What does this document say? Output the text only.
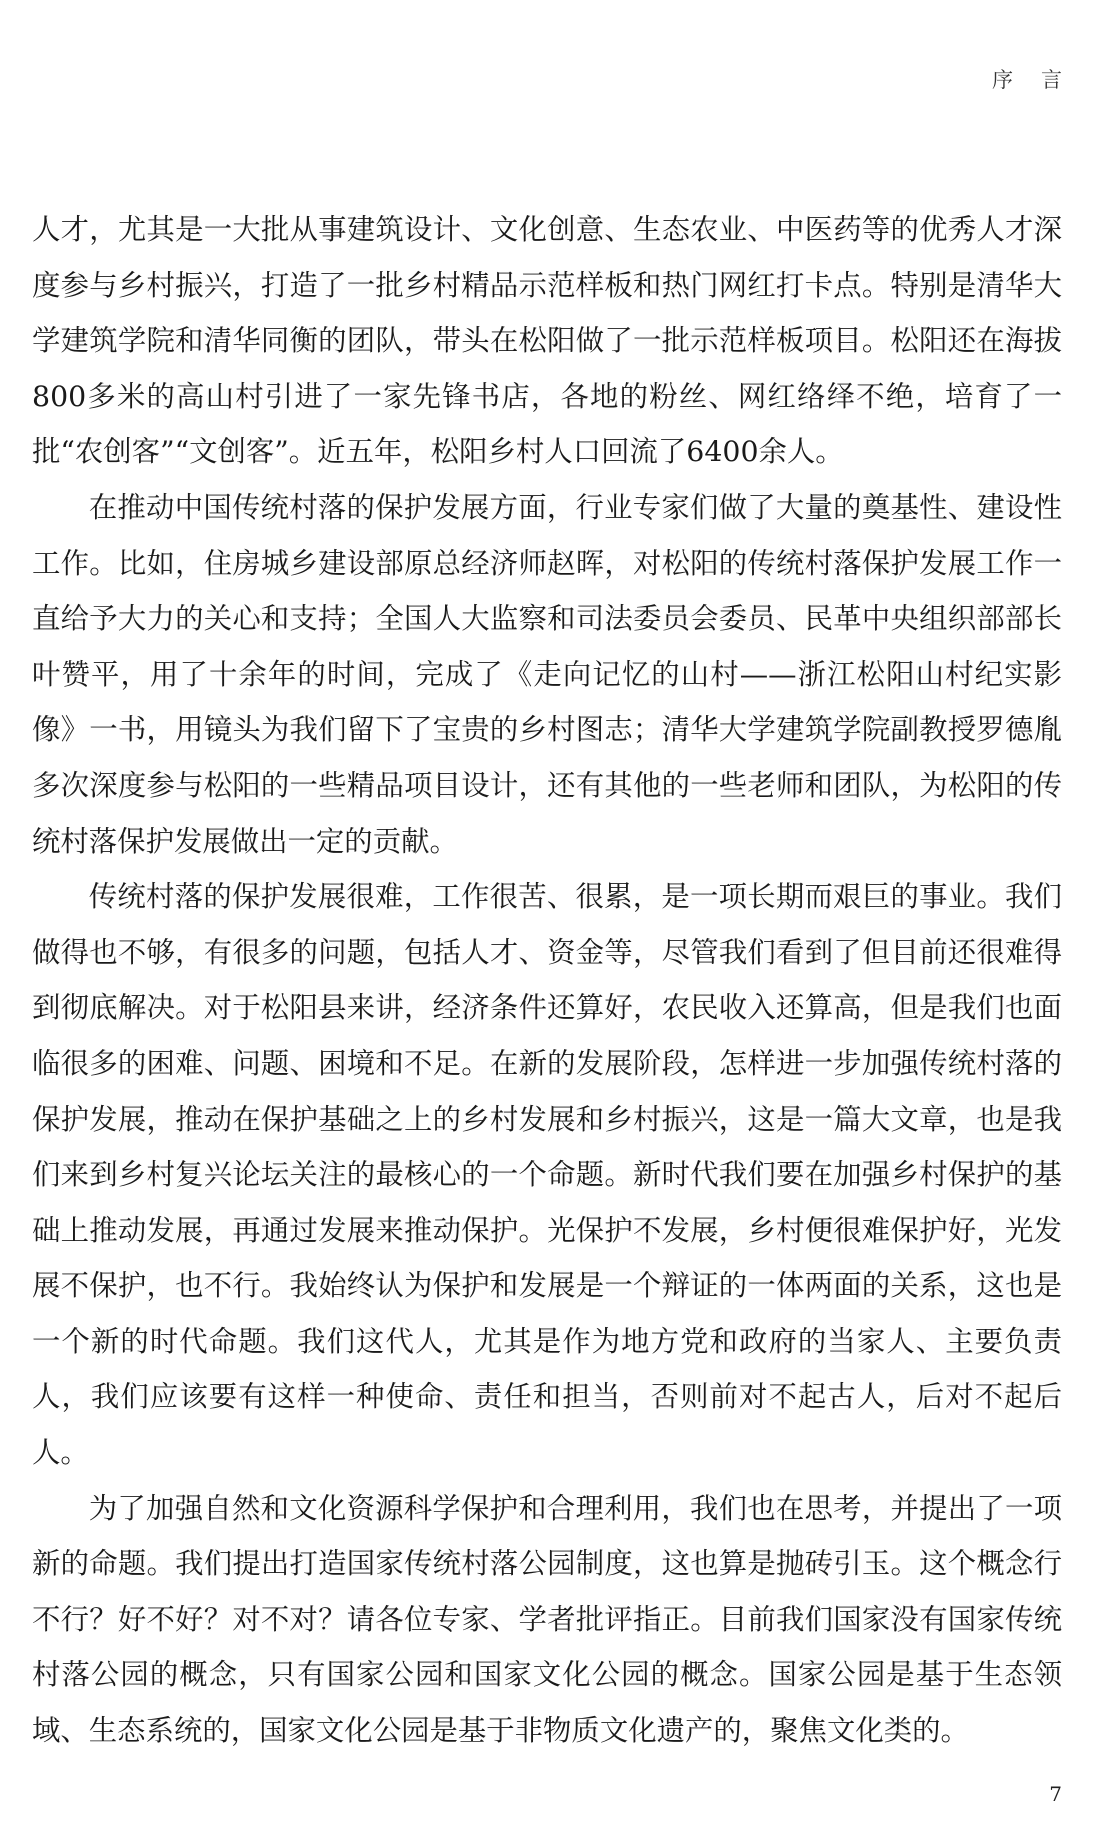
序言

人才，尤其是一大批从事建筑设计、文化创意、生态农业、中医药等的优秀人才深度参与乡村振兴，打造了一批乡村精品示范样板和热门网红打卡点。特别是清华大学建筑学院和清华同衡的团队，带头在松阳做了一批示范样板项目。松阳还在海拔800多米的高山村引进了一家先锋书店，各地的粉丝、网红络绎不绝，培育了一批“农创客”“文创客”。近五年，松阳乡村人口回流了6400余人。

在推动中国传统村落的保护发展方面，行业专家们做了大量的奠基性、建设性工作。比如，住房城乡建设部原总经济师赵晖，对松阳的传统村落保护发展工作一直给予大力的关心和支持；全国人大监察和司法委员会委员、民革中央组织部部长叶赞平，用了十余年的时间，完成了《走向记忆的山村——浙江松阳山村纪实影像》一书，用镜头为我们留下了宝贵的乡村图志；清华大学建筑学院副教授罗德胤多次深度参与松阳的一些精品项目设计，还有其他的一些老师和团队，为松阳的传统村落保护发展做出一定的贡献。

传统村落的保护发展很难，工作很苦、很累，是一项长期而艰巨的事业。我们做得也不够，有很多的问题，包括人才、资金等，尽管我们看到了但目前还很难得到彻底解决。对于松阳县来讲，经济条件还算好，农民收入还算高，但是我们也面临很多的困难、问题、困境和不足。在新的发展阶段，怎样进一步加强传统村落的保护发展，推动在保护基础之上的乡村发展和乡村振兴，这是一篇大文章，也是我们来到乡村复兴论坛关注的最核心的一个命题。新时代我们要在加强乡村保护的基础上推动发展，再通过发展来推动保护。光保护不发展，乡村便很难保护好，光发展不保护，也不行。我始终认为保护和发展是一个辩证的一体两面的关系，这也是一个新的时代命题。我们这代人，尤其是作为地方党和政府的当家人、主要负责人，我们应该要有这样一种使命、责任和担当，否则前对不起古人，后对不起后人。

为了加强自然和文化资源科学保护和合理利用，我们也在思考，并提出了一项新的命题。我们提出打造国家传统村落公园制度，这也算是抛砖引玉。这个概念行不行？好不好？对不对？请各位专家、学者批评指正。目前我们国家没有国家传统村落公园的概念，只有国家公园和国家文化公园的概念。国家公园是基于生态领域、生态系统的，国家文化公园是基于非物质文化遗产的，聚焦文化类的。

7
